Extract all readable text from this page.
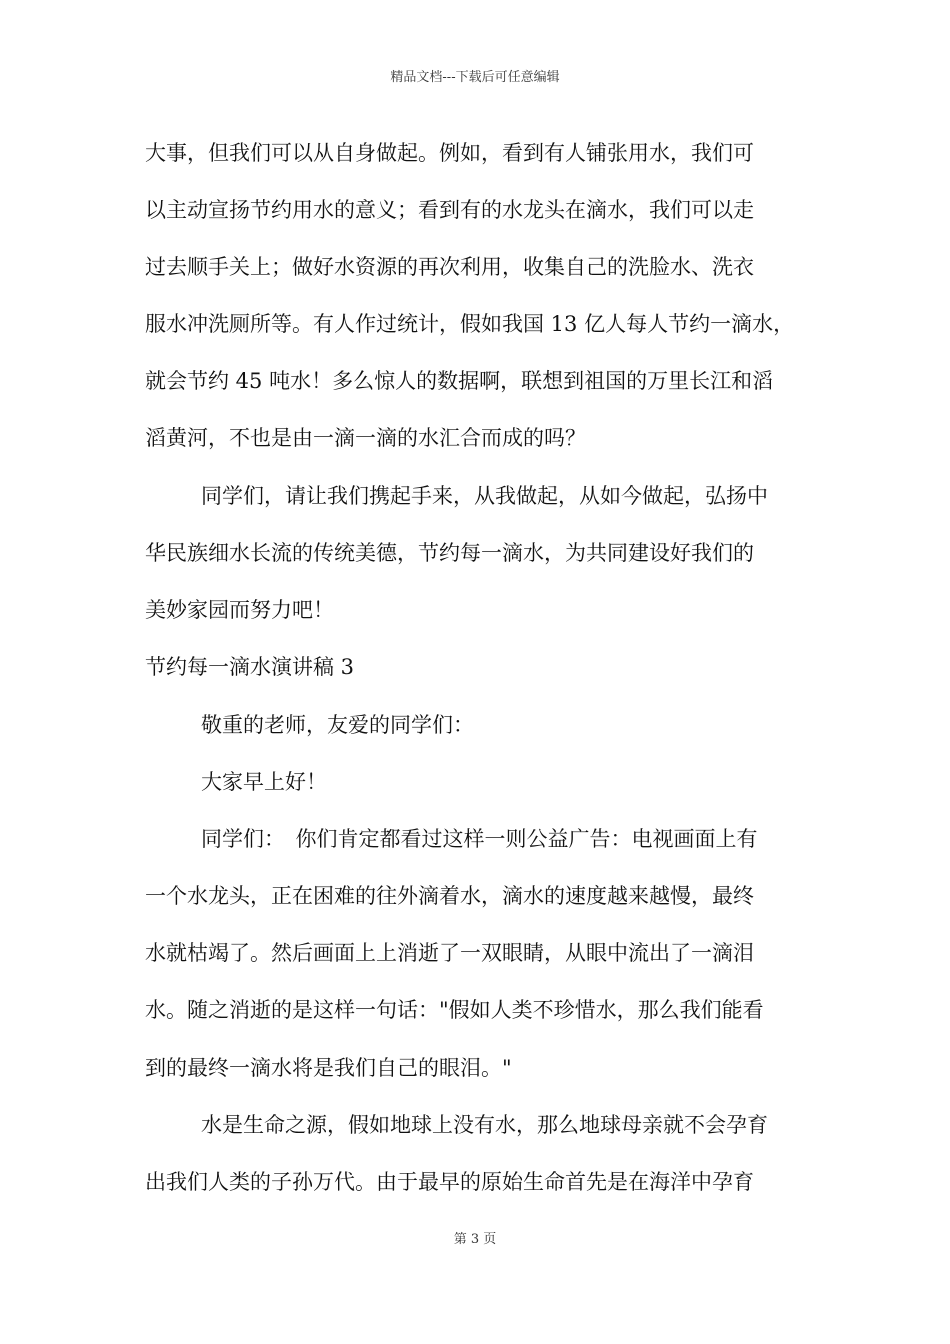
精品文档---下载后可任意编辑
大事，但我们可以从自身做起。例如，看到有人铺张用水，我们可
以主动宣扬节约用水的意义；看到有的水龙头在滴水，我们可以走
过去顺手关上；做好水资源的再次利用，收集自己的洗脸水、洗衣
服水冲洗厕所等。有人作过统计，假如我国 13 亿人每人节约一滴水，
就会节约 45 吨水！多么惊人的数据啊，联想到祖国的万里长江和滔
滔黄河，不也是由一滴一滴的水汇合而成的吗？
同学们，请让我们携起手来，从我做起，从如今做起，弘扬中
华民族细水长流的传统美德，节约每一滴水，为共同建设好我们的
美妙家园而努力吧！
节约每一滴水演讲稿 3
敬重的老师，友爱的同学们：
大家早上好！
同学们：　你们肯定都看过这样一则公益广告：电视画面上有
一个水龙头，正在困难的往外滴着水，滴水的速度越来越慢，最终
水就枯竭了。然后画面上上消逝了一双眼睛，从眼中流出了一滴泪
水。随之消逝的是这样一句话："假如人类不珍惜水，那么我们能看
到的最终一滴水将是我们自己的眼泪。"
水是生命之源，假如地球上没有水，那么地球母亲就不会孕育
出我们人类的子孙万代。由于最早的原始生命首先是在海洋中孕育
第 3 页
